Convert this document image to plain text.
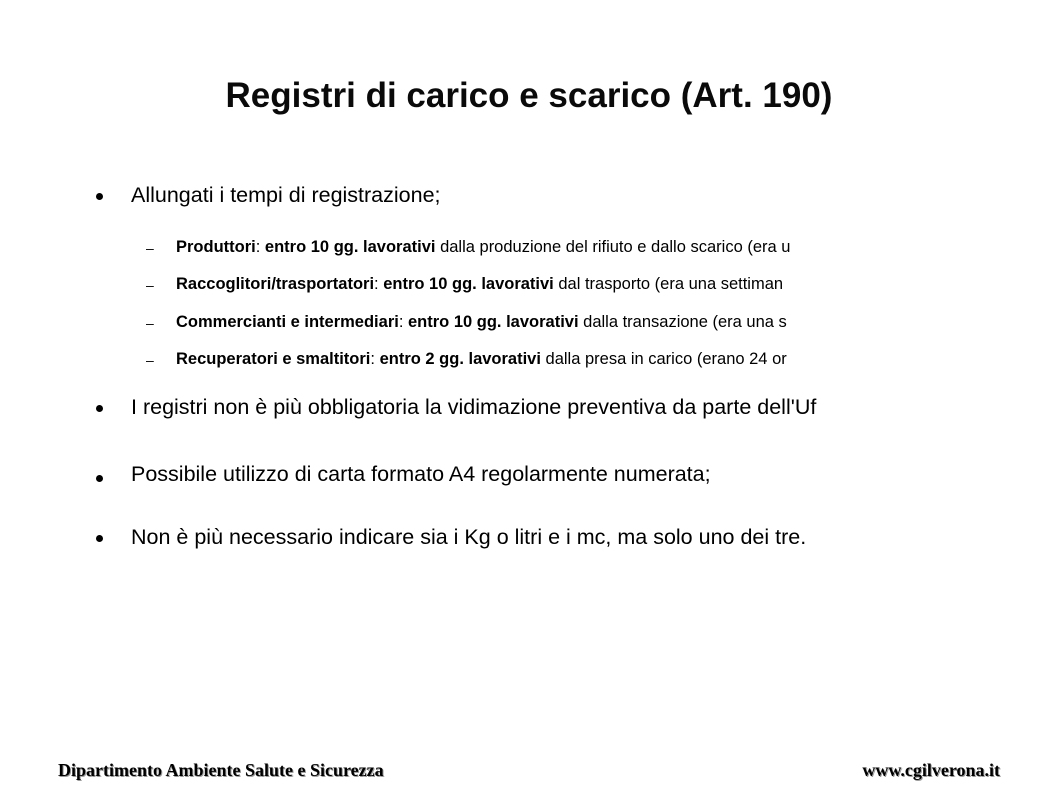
Registri di carico e scarico (Art. 190)
Allungati i tempi di registrazione;
– Produttori: entro 10 gg. lavorativi dalla produzione del rifiuto e dallo scarico (era u
– Raccoglitori/trasportatori: entro 10 gg. lavorativi dal trasporto (era una settiman
– Commercianti e intermediari: entro 10 gg. lavorativi dalla transazione (era una s
– Recuperatori e smaltitori: entro 2 gg. lavorativi dalla presa in carico (erano 24 or
I registri non è più obbligatoria la vidimazione preventiva da parte dell'Uf
Possibile utilizzo di carta formato A4 regolarmente numerata;
Non è più necessario indicare sia i Kg o litri e i mc, ma solo uno dei tre.
Dipartimento Ambiente Salute e Sicurezza	www.cgilverona.it
